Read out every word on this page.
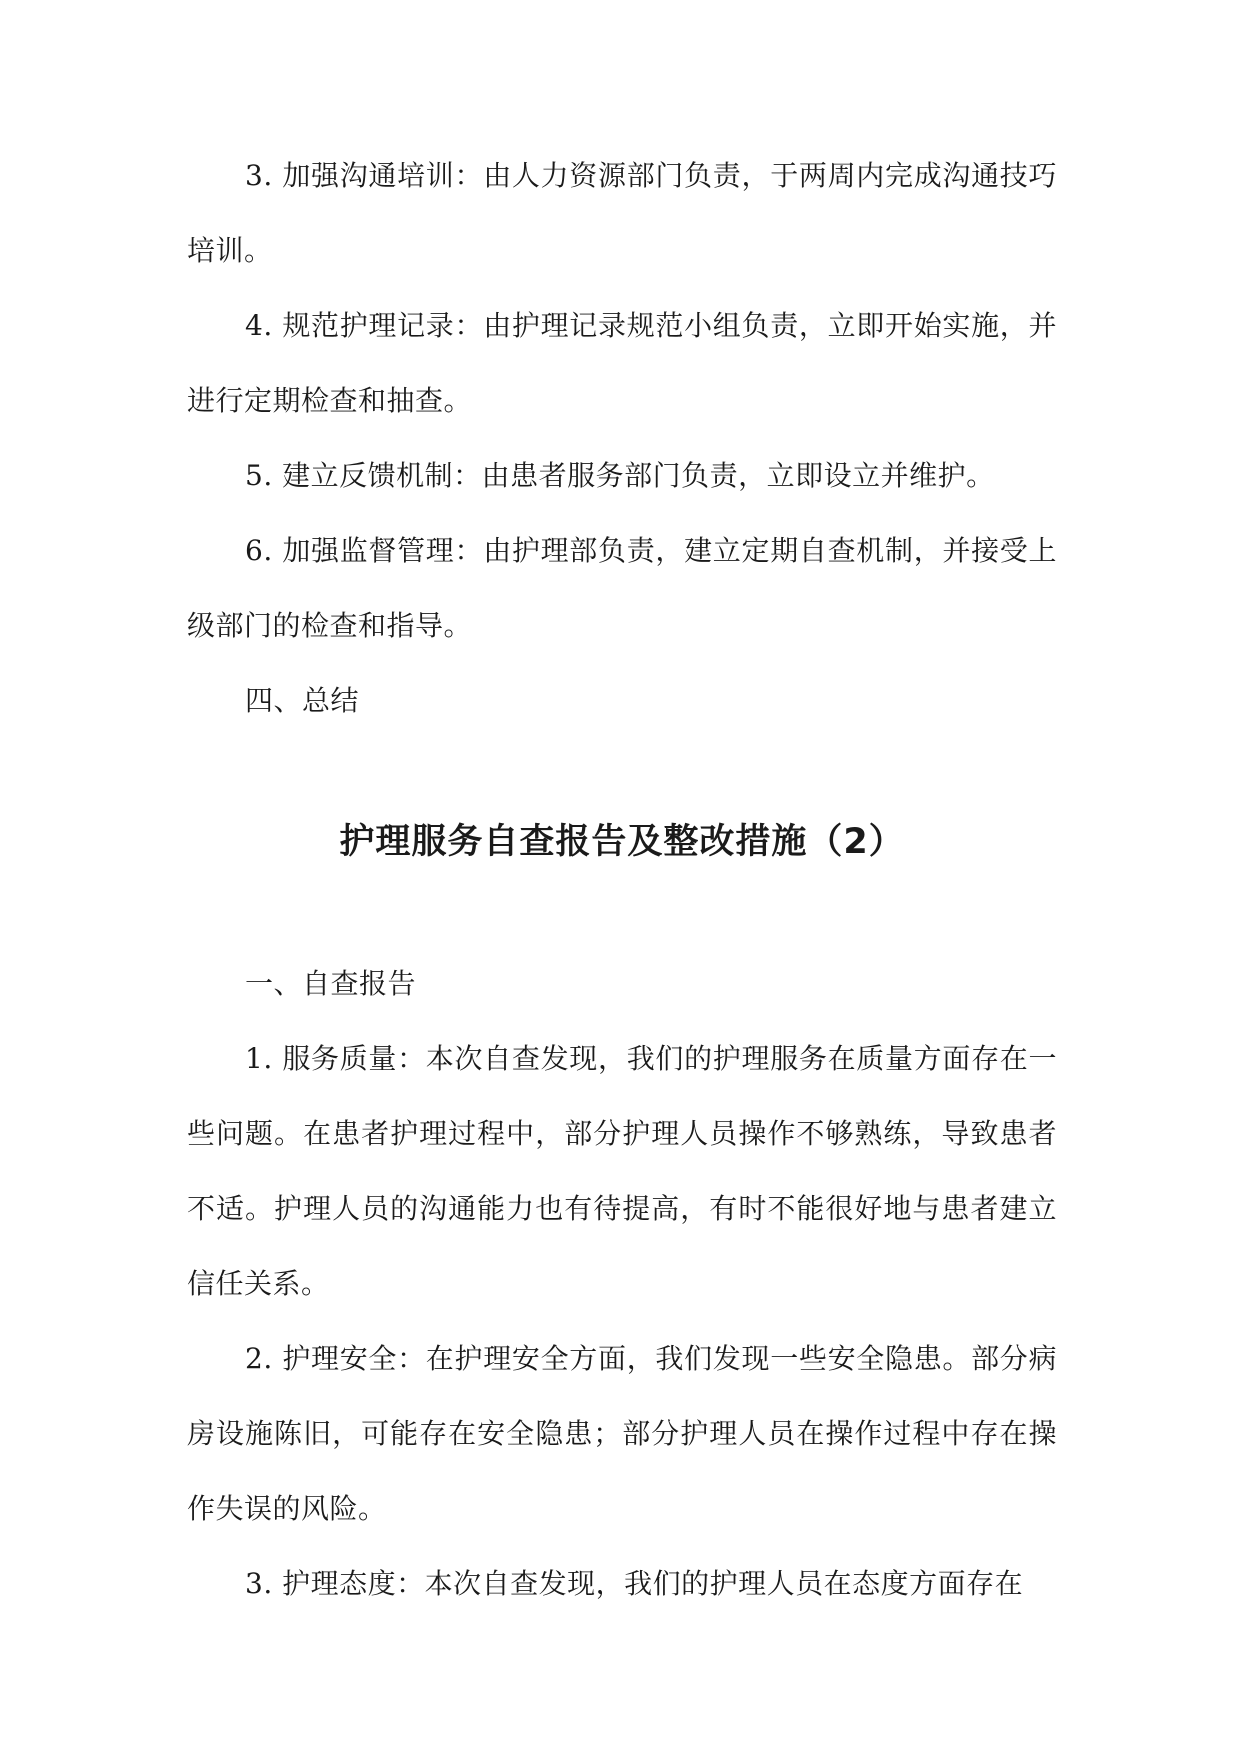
3. 加强沟通培训：由人力资源部门负责，于两周内完成沟通技巧培训。

4. 规范护理记录：由护理记录规范小组负责，立即开始实施，并进行定期检查和抽查。

5. 建立反馈机制：由患者服务部门负责，立即设立并维护。

6. 加强监督管理：由护理部负责，建立定期自查机制，并接受上级部门的检查和指导。

四、总结

护理服务自查报告及整改措施（2）

一、自查报告

1. 服务质量：本次自查发现，我们的护理服务在质量方面存在一些问题。在患者护理过程中，部分护理人员操作不够熟练，导致患者不适。护理人员的沟通能力也有待提高，有时不能很好地与患者建立信任关系。

2. 护理安全：在护理安全方面，我们发现一些安全隐患。部分病房设施陈旧，可能存在安全隐患；部分护理人员在操作过程中存在操作失误的风险。

3. 护理态度：本次自查发现，我们的护理人员在态度方面存在
